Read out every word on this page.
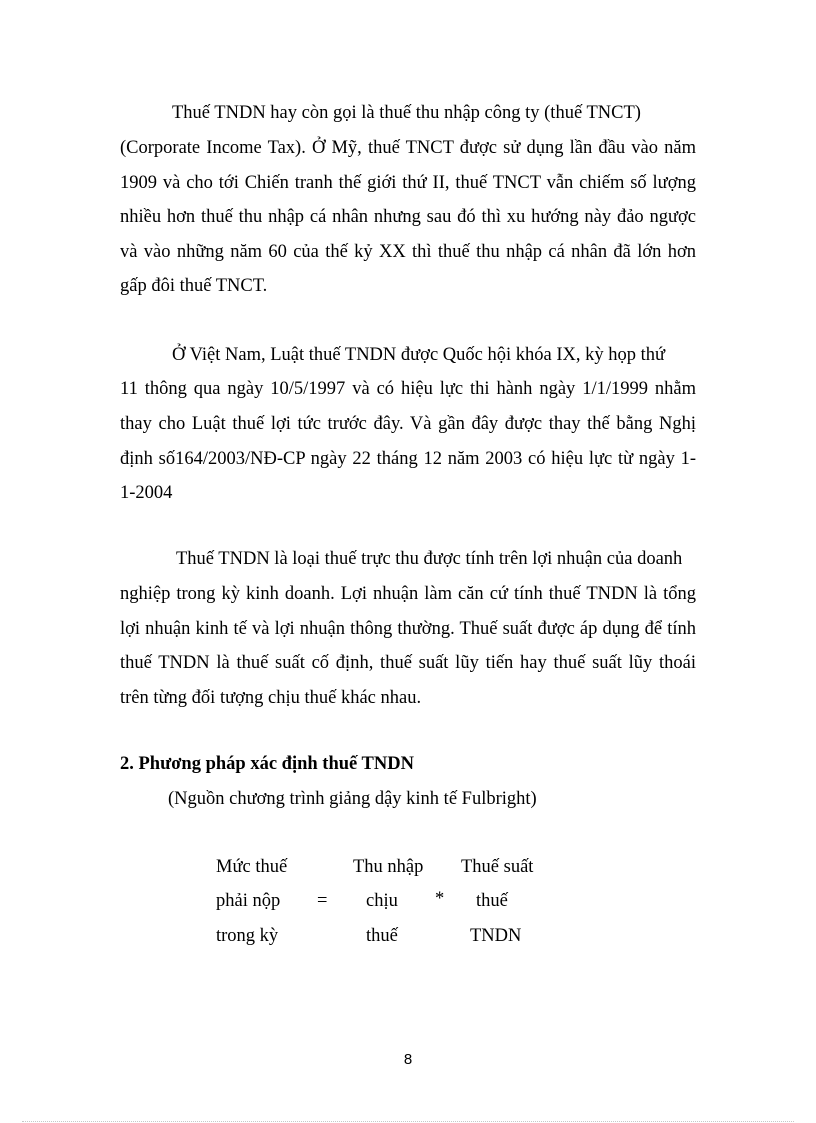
Thuế TNDN hay còn gọi là thuế thu nhập công ty (thuế TNCT)
(Corporate Income Tax). Ở Mỹ, thuế TNCT được sử dụng lần đầu vào năm
1909 và cho tới Chiến tranh thế giới thứ II, thuế TNCT vẫn chiếm số lượng
nhiều hơn thuế thu nhập cá nhân nhưng sau đó thì xu hướng này đảo ngược
và vào những năm 60 của thế kỷ XX thì thuế thu nhập cá nhân đã lớn hơn
gấp đôi thuế TNCT.
Ở Việt Nam, Luật thuế TNDN được Quốc hội khóa IX, kỳ họp thứ
11 thông qua ngày 10/5/1997 và có hiệu lực thi hành ngày 1/1/1999 nhằm
thay cho Luật thuế lợi tức trước đây. Và gần đây được thay thế bằng Nghị
định số164/2003/NĐ-CP ngày 22 tháng 12 năm 2003 có hiệu lực từ ngày 1-
1-2004
Thuế TNDN là loại thuế trực thu được tính trên lợi nhuận của doanh
nghiệp trong kỳ kinh doanh. Lợi nhuận làm căn cứ tính thuế TNDN là tổng
lợi nhuận kinh tế và lợi nhuận thông thường. Thuế suất được áp dụng để tính
thuế TNDN là thuế suất cố định, thuế suất lũy tiến hay thuế suất lũy thoái
trên từng đối tượng chịu thuế khác nhau.
2. Phương pháp xác định thuế TNDN
(Nguồn chương trình giảng dậy kinh tế Fulbright)
Mức thuế
phải nộp
trong kỳ
=
Thu nhập
chịu
thuế
*
Thuế suất
thuế
TNDN
8
